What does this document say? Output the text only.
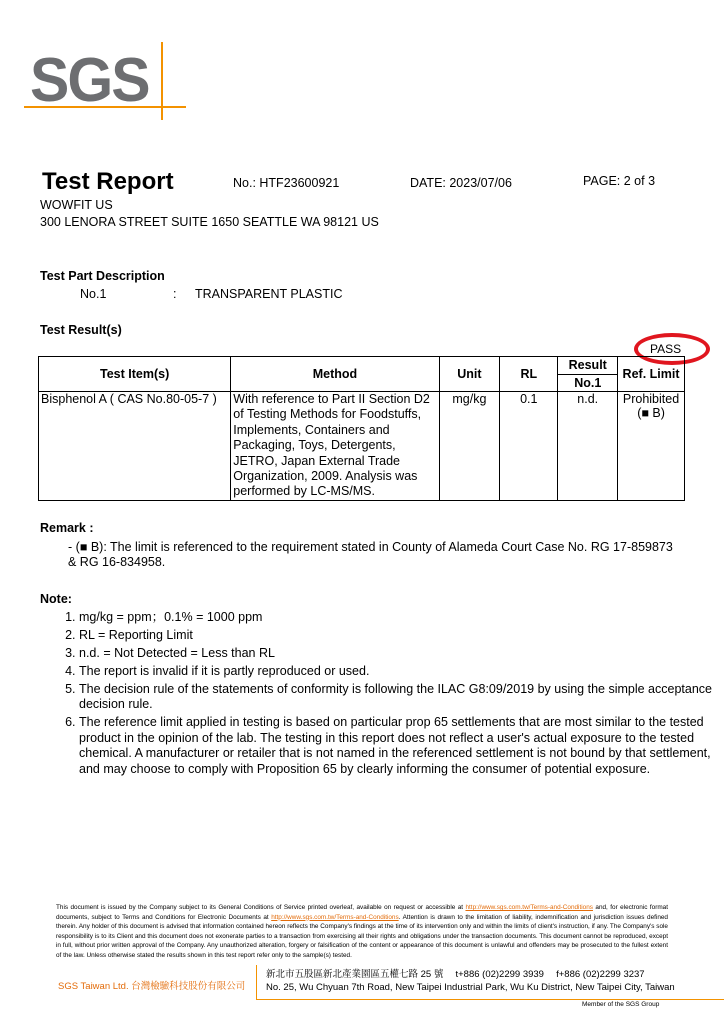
SGS
Test Report	No.: HTF23600921	DATE: 2023/07/06	PAGE: 2 of 3
WOWFIT US
300 LENORA STREET SUITE 1650 SEATTLE WA 98121 US
Test Part Description
No.1	: TRANSPARENT PLASTIC
Test Result(s)
PASS
Test Item(s)	Method	Unit	RL	Result	Ref. Limit
				No.1	
Bisphenol A ( CAS No.80-05-7 )	With reference to Part II Section D2 of Testing Methods for Foodstuffs, Implements, Containers and Packaging, Toys, Detergents, JETRO, Japan External Trade Organization, 2009. Analysis was performed by LC-MS/MS.	mg/kg	0.1	n.d.	Prohibited
(■ B)
Remark :
- (■ B): The limit is referenced to the requirement stated in County of Alameda Court Case No. RG 17-859873 & RG 16-834958.
Note:
1. mg/kg = ppm；0.1% = 1000 ppm
2. RL = Reporting Limit
3. n.d. = Not Detected = Less than RL
4. The report is invalid if it is partly reproduced or used.
5. The decision rule of the statements of conformity is following the ILAC G8:09/2019 by using the simple acceptance decision rule.
6. The reference limit applied in testing is based on particular prop 65 settlements that are most similar to the tested product in the opinion of the lab. The testing in this report does not reflect a user's actual exposure to the tested chemical. A manufacturer or retailer that is not named in the referenced settlement is not bound by that settlement, and may choose to comply with Proposition 65 by clearly informing the consumer of potential exposure.
This document is issued by the Company subject to its General Conditions of Service printed overleaf, available on request or accessible at http://www.sgs.com.tw/Terms-and-Conditions and, for electronic format documents, subject to Terms and Conditions for Electronic Documents at http://www.sgs.com.tw/Terms-and-Conditions. Attention is drawn to the limitation of liability, indemnification and jurisdiction issues defined therein. Any holder of this document is advised that information contained hereon reflects the Company's findings at the time of its intervention only and within the limits of client's instruction, if any. The Company's sole responsibility is to its Client and this document does not exonerate parties to a transaction from exercising all their rights and obligations under the transaction documents. This document cannot be reproduced, except in full, without prior written approval of the Company. Any unauthorized alteration, forgery or falsification of the content or appearance of this document is unlawful and offenders may be prosecuted to the fullest extent of the law. Unless otherwise stated the results shown in this test report refer only to the sample(s) tested.
SGS Taiwan Ltd. 台灣檢驗科技股份有限公司
新北市五股區新北產業園區五權七路 25 號　 t+886 (02)2299 3939　 f+886 (02)2299 3237
No. 25, Wu Chyuan 7th Road, New Taipei Industrial Park, Wu Ku District, New Taipei City, Taiwan
Member of the SGS Group
